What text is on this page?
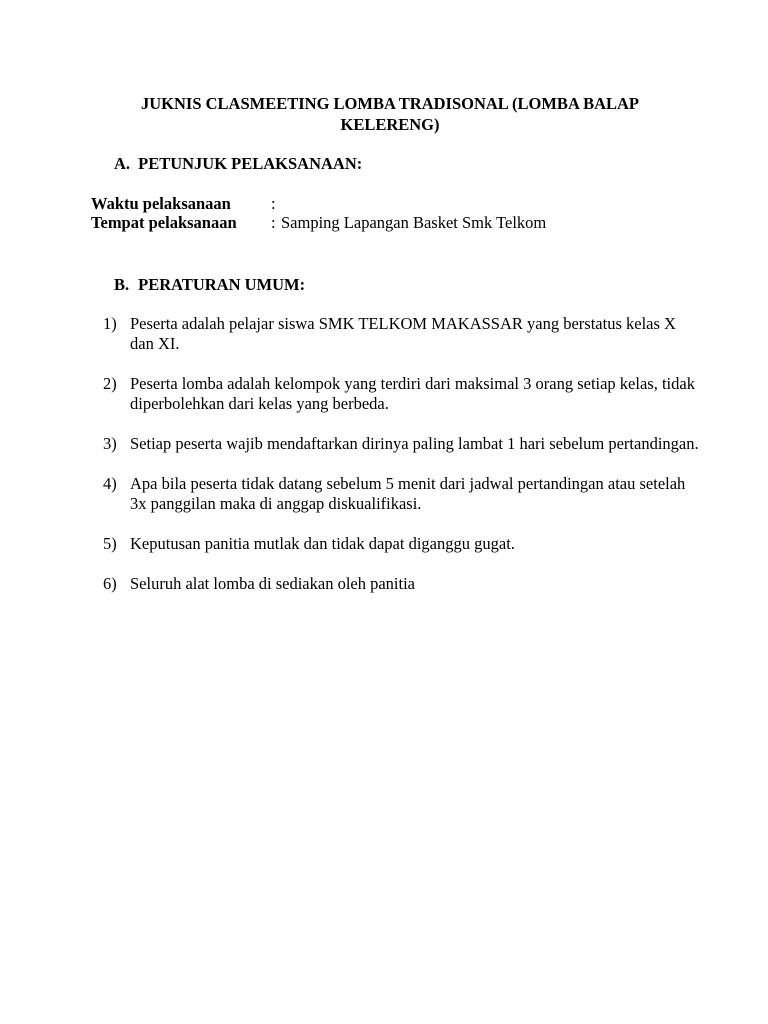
JUKNIS CLASMEETING LOMBA TRADISONAL (LOMBA BALAP KELERENG)
A. PETUNJUK PELAKSANAAN:
Waktu pelaksanaan :
Tempat pelaksanaan : Samping Lapangan Basket Smk Telkom
B. PERATURAN UMUM:
1) Peserta adalah pelajar siswa SMK TELKOM MAKASSAR yang berstatus kelas X dan XI.
2) Peserta lomba adalah kelompok yang terdiri dari maksimal 3 orang setiap kelas, tidak diperbolehkan dari kelas yang berbeda.
3) Setiap peserta wajib mendaftarkan dirinya paling lambat 1 hari sebelum pertandingan.
4) Apa bila peserta tidak datang sebelum 5 menit dari jadwal pertandingan atau setelah 3x panggilan maka di anggap diskualifikasi.
5) Keputusan panitia mutlak dan tidak dapat diganggu gugat.
6) Seluruh alat lomba di sediakan oleh panitia
